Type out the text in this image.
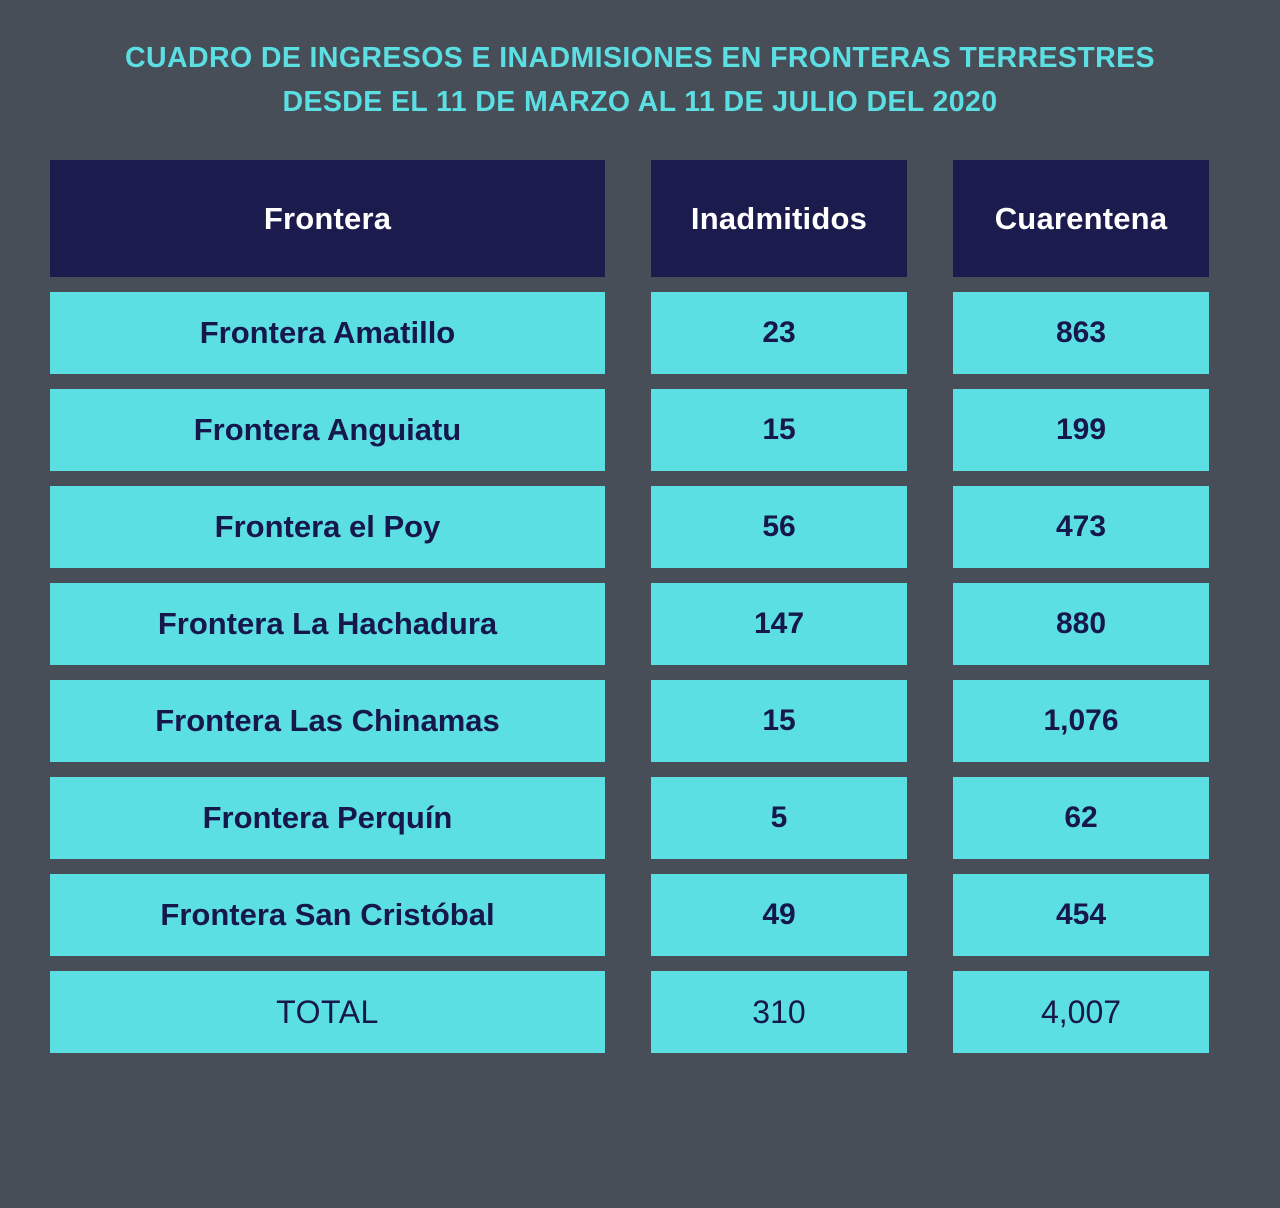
CUADRO DE INGRESOS E INADMISIONES EN FRONTERAS TERRESTRES
DESDE EL 11 DE MARZO AL 11 DE JULIO DEL 2020
Frontera	Inadmitidos	Cuarentena
Frontera Amatillo	23	863
Frontera Anguiatu	15	199
Frontera el Poy	56	473
Frontera La Hachadura	147	880
Frontera Las Chinamas	15	1,076
Frontera Perquín	5	62
Frontera San Cristóbal	49	454
TOTAL	310	4,007
